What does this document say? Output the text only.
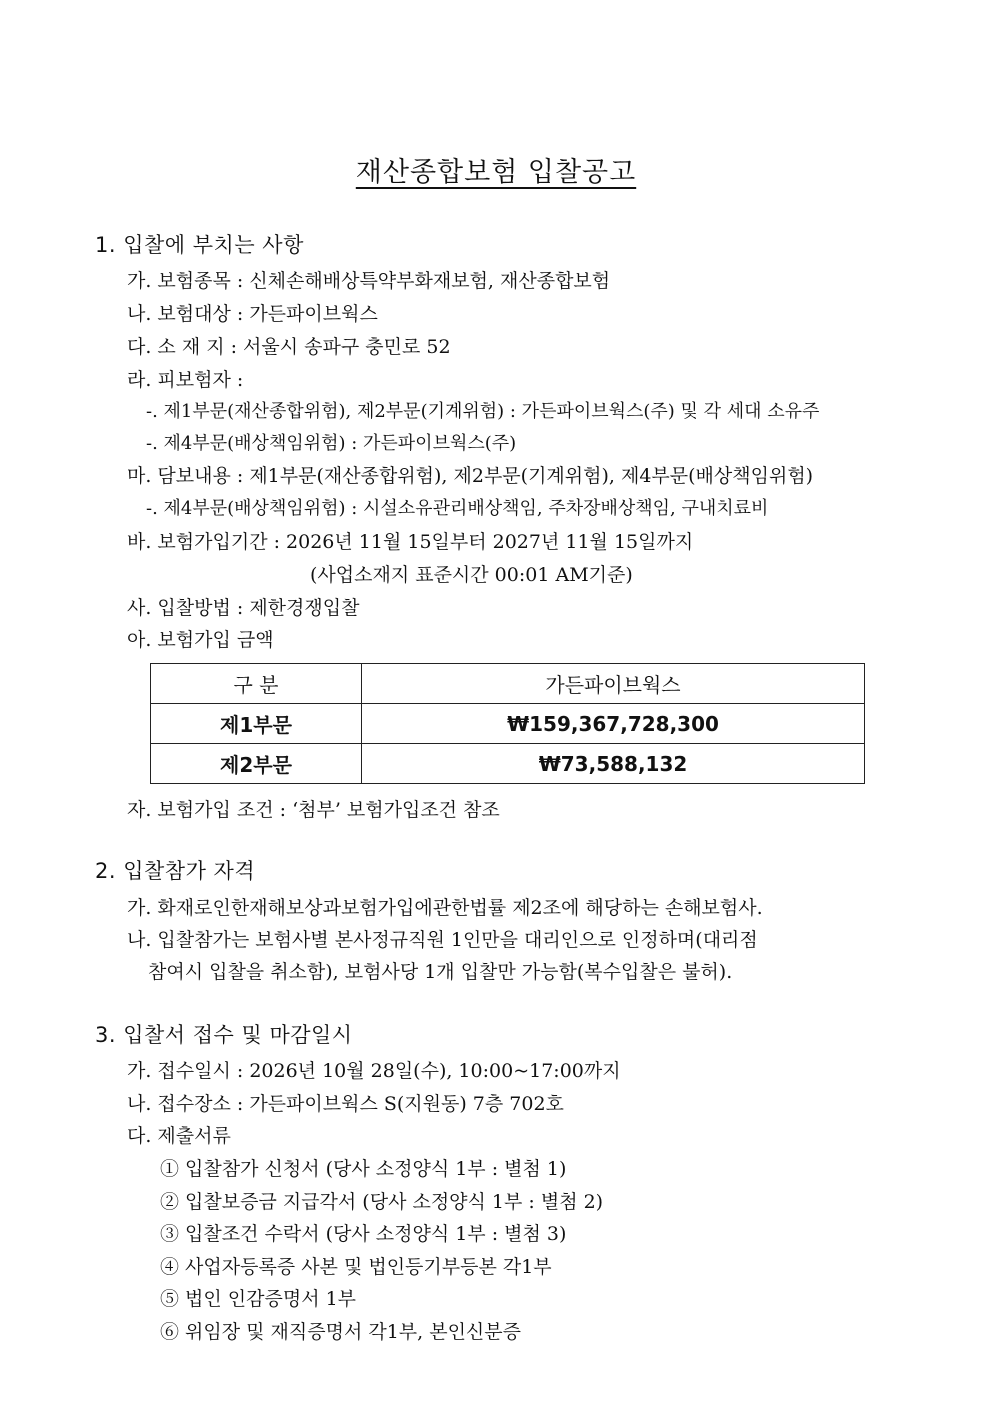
재산종합보험 입찰공고
1. 입찰에 부치는 사항
가. 보험종목 : 신체손해배상특약부화재보험, 재산종합보험
나. 보험대상 : 가든파이브웍스
다. 소 재 지 : 서울시 송파구 충민로 52
라. 피보험자 :
-. 제1부문(재산종합위험), 제2부문(기계위험) : 가든파이브웍스(주) 및 각 세대 소유주
-. 제4부문(배상책임위험) : 가든파이브웍스(주)
마. 담보내용 : 제1부문(재산종합위험), 제2부문(기계위험), 제4부문(배상책임위험)
-. 제4부문(배상책임위험) : 시설소유관리배상책임, 주차장배상책임, 구내치료비
바. 보험가입기간 : 2026년 11월 15일부터 2027년 11월 15일까지
(사업소재지 표준시간 00:01 AM기준)
사. 입찰방법 : 제한경쟁입찰
아. 보험가입 금액
구 분	가든파이브웍스
제1부문	₩159,367,728,300
제2부문	₩73,588,132
자. 보험가입 조건 : ‘첨부’ 보험가입조건 참조
2. 입찰참가 자격
가. 화재로인한재해보상과보험가입에관한법률 제2조에 해당하는 손해보험사.
나. 입찰참가는 보험사별 본사정규직원 1인만을 대리인으로 인정하며(대리점
참여시 입찰을 취소함), 보험사당 1개 입찰만 가능함(복수입찰은 불허).
3. 입찰서 접수 및 마감일시
가. 접수일시 : 2026년 10월 28일(수), 10:00~17:00까지
나. 접수장소 : 가든파이브웍스 S(지원동) 7층 702호
다. 제출서류
① 입찰참가 신청서 (당사 소정양식 1부 : 별첨 1)
② 입찰보증금 지급각서 (당사 소정양식 1부 : 별첨 2)
③ 입찰조건 수락서 (당사 소정양식 1부 : 별첨 3)
④ 사업자등록증 사본 및 법인등기부등본 각1부
⑤ 법인 인감증명서 1부
⑥ 위임장 및 재직증명서 각1부, 본인신분증
